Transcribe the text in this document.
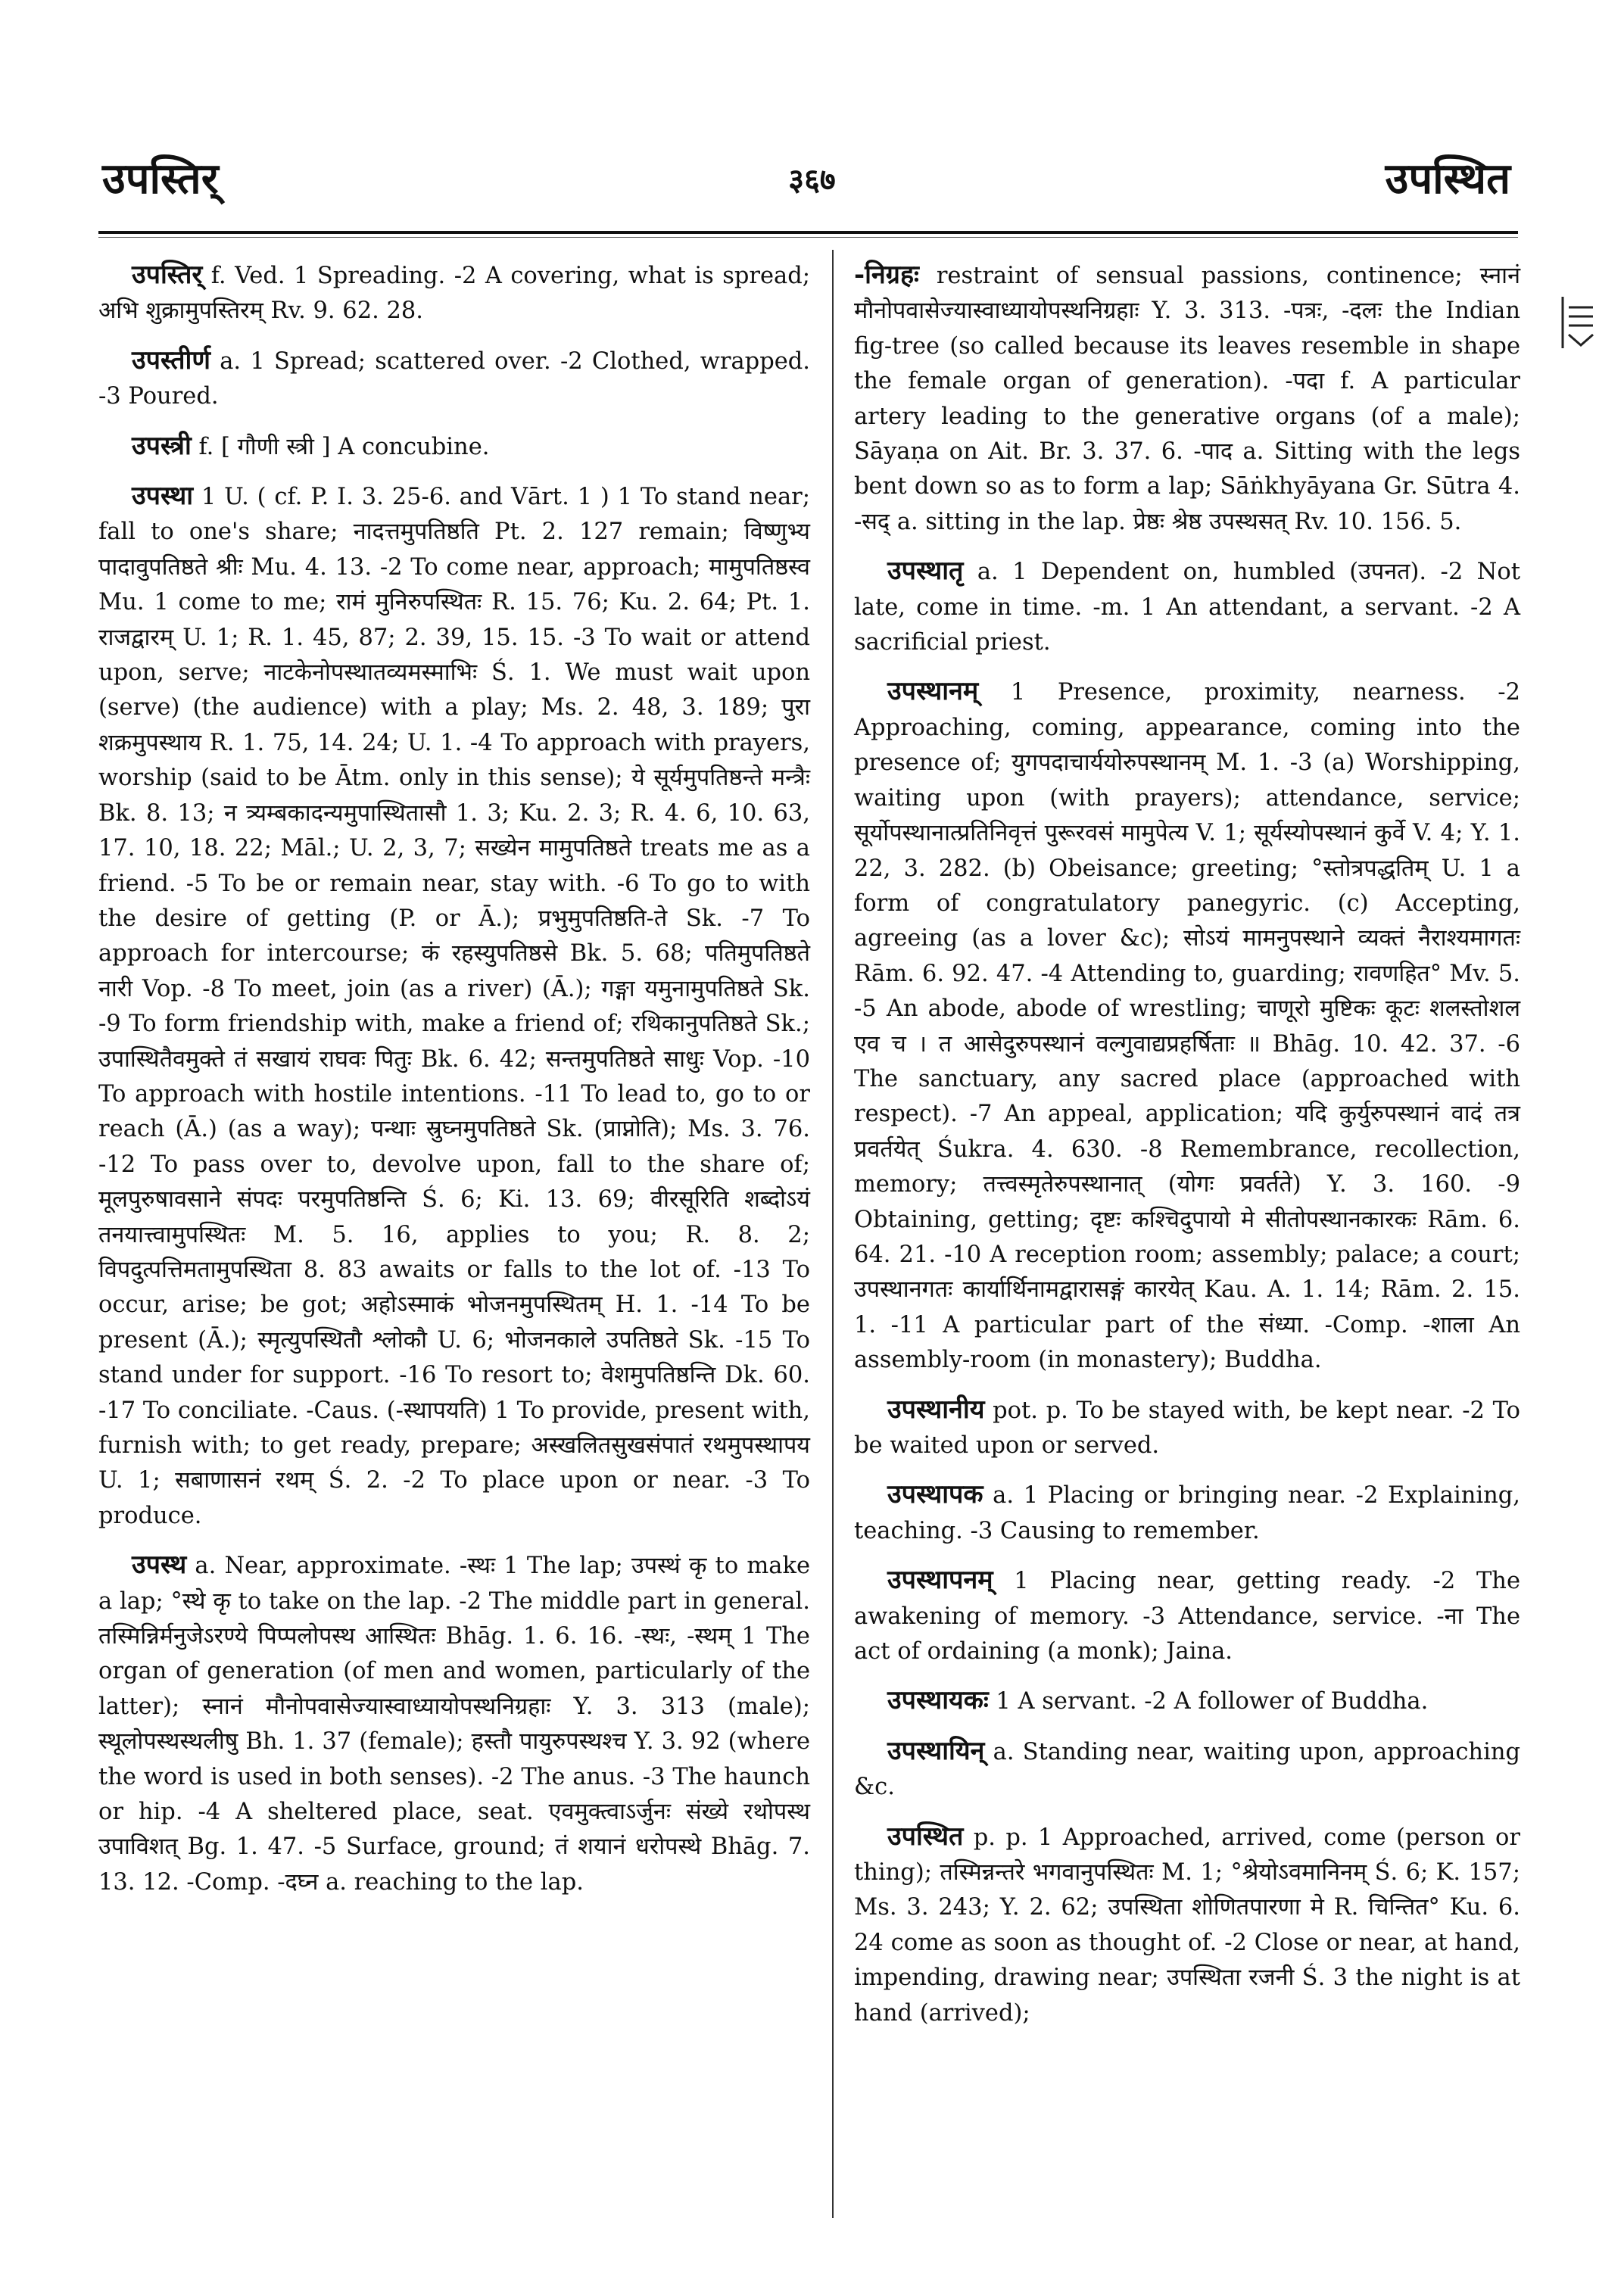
उपस्तिर्	३६७	उपस्थित

उपस्तिर् f. Ved. 1 Spreading. -2 A covering, what is spread; अभि शुक्रामुपस्तिरम् Rv. 9. 62. 28.

उपस्तीर्ण a. 1 Spread; scattered over. -2 Clothed, wrapped. -3 Poured.

उपस्त्री f. [ गौणी स्त्री ] A concubine.

उपस्था 1 U. ( cf. P. I. 3. 25-6. and Vārt. 1 ) 1 To stand near; fall to one's share; नादत्तमुपतिष्ठति Pt. 2. 127 remain; विष्णुभ्य पादावुपतिष्ठते श्रीः Mu. 4. 13. -2 To come near, approach; मामुपतिष्ठस्व Mu. 1 come to me; रामं मुनिरुपस्थितः R. 15. 76; Ku. 2. 64; Pt. 1. राजद्वारम् U. 1; R. 1. 45, 87; 2. 39, 15. 15. -3 To wait or attend upon, serve; नाटकेनोपस्थातव्यमस्माभिः Ś. 1. We must wait upon (serve) (the audience) with a play; Ms. 2. 48, 3. 189; पुरा शक्रमुपस्थाय R. 1. 75, 14. 24; U. 1. -4 To approach with prayers, worship (said to be Ātm. only in this sense); ये सूर्यमुपतिष्ठन्ते मन्त्रैः Bk. 8. 13; न त्र्यम्बकादन्यमुपास्थितासौ 1. 3; Ku. 2. 3; R. 4. 6, 10. 63, 17. 10, 18. 22; Māl.; U. 2, 3, 7; सख्येन मामुपतिष्ठते treats me as a friend. -5 To be or remain near, stay with. -6 To go to with the desire of getting (P. or Ā.); प्रभुमुपतिष्ठति-ते Sk. -7 To approach for intercourse; कं रहस्युपतिष्ठसे Bk. 5. 68; पतिमुपतिष्ठते नारी Vop. -8 To meet, join (as a river) (Ā.); गङ्गा यमुनामुपतिष्ठते Sk. -9 To form friendship with, make a friend of; रथिकानुपतिष्ठते Sk.; उपास्थितैवमुक्ते तं सखायं राघवः पितुः Bk. 6. 42; सन्तमुपतिष्ठते साधुः Vop. -10 To approach with hostile intentions. -11 To lead to, go to or reach (Ā.) (as a way); पन्थाः स्रुघ्नमुपतिष्ठते Sk. (प्राप्नोति); Ms. 3. 76. -12 To pass over to, devolve upon, fall to the share of; मूलपुरुषावसाने संपदः परमुपतिष्ठन्ति Ś. 6; Ki. 13. 69; वीरसूरिति शब्दोऽयं तनयात्त्वामुपस्थितः M. 5. 16, applies to you; R. 8. 2; विपदुत्पत्तिमतामुपस्थिता 8. 83 awaits or falls to the lot of. -13 To occur, arise; be got; अहोऽस्माकं भोजनमुपस्थितम् H. 1. -14 To be present (Ā.); स्मृत्युपस्थितौ श्लोकौ U. 6; भोजनकाले उपतिष्ठते Sk. -15 To stand under for support. -16 To resort to; वेशमुपतिष्ठन्ति Dk. 60. -17 To conciliate. -Caus. (-स्थापयति) 1 To provide, present with, furnish with; to get ready, prepare; अस्खलितसुखसंपातं रथमुपस्थापय U. 1; सबाणासनं रथम् Ś. 2. -2 To place upon or near. -3 To produce.

उपस्थ a. Near, approximate. -स्थः 1 The lap; उपस्थं कृ to make a lap; °स्थे कृ to take on the lap. -2 The middle part in general. तस्मिन्निर्मनुजेऽरण्ये पिप्पलोपस्थ आस्थितः Bhāg. 1. 6. 16. -स्थः, -स्थम् 1 The organ of generation (of men and women, particularly of the latter); स्नानं मौनोपवासेज्यास्वाध्यायोपस्थनिग्रहाः Y. 3. 313 (male); स्थूलोपस्थस्थलीषु Bh. 1. 37 (female); हस्तौ पायुरुपस्थश्च Y. 3. 92 (where the word is used in both senses). -2 The anus. -3 The haunch or hip. -4 A sheltered place, seat. एवमुक्त्वाऽर्जुनः संख्ये रथोपस्थ उपाविशत् Bg. 1. 47. -5 Surface, ground; तं शयानं धरोपस्थे Bhāg. 7. 13. 12. -Comp. -दघ्न a. reaching to the lap.

-निग्रहः restraint of sensual passions, continence; स्नानं मौनोपवासेज्यास्वाध्यायोपस्थनिग्रहाः Y. 3. 313. -पत्रः, -दलः the Indian fig-tree (so called because its leaves resemble in shape the female organ of generation). -पदा f. A particular artery leading to the generative organs (of a male); Sāyaṇa on Ait. Br. 3. 37. 6. -पाद a. Sitting with the legs bent down so as to form a lap; Sāṅkhyāyana Gr. Sūtra 4. -सद् a. sitting in the lap. प्रेष्ठः श्रेष्ठ उपस्थसत् Rv. 10. 156. 5.

उपस्थातृ a. 1 Dependent on, humbled (उपनत). -2 Not late, come in time. -m. 1 An attendant, a servant. -2 A sacrificial priest.

उपस्थानम् 1 Presence, proximity, nearness. -2 Approaching, coming, appearance, coming into the presence of; युगपदाचार्ययोरुपस्थानम् M. 1. -3 (a) Worshipping, waiting upon (with prayers); attendance, service; सूर्योपस्थानात्प्रतिनिवृत्तं पुरूरवसं मामुपेत्य V. 1; सूर्यस्योपस्थानं कुर्वे V. 4; Y. 1. 22, 3. 282. (b) Obeisance; greeting; °स्तोत्रपद्धतिम् U. 1 a form of congratulatory panegyric. (c) Accepting, agreeing (as a lover &c); सोऽयं मामनुपस्थाने व्यक्तं नैराश्यमागतः Rām. 6. 92. 47. -4 Attending to, guarding; रावणहित° Mv. 5. -5 An abode, abode of wrestling; चाणूरो मुष्टिकः कूटः शलस्तोशल एव च । त आसेदुरुपस्थानं वल्गुवाद्यप्रहर्षिताः ॥ Bhāg. 10. 42. 37. -6 The sanctuary, any sacred place (approached with respect). -7 An appeal, application; यदि कुर्युरुपस्थानं वादं तत्र प्रवर्तयेत् Śukra. 4. 630. -8 Remembrance, recollection, memory; तत्त्वस्मृतेरुपस्थानात् (योगः प्रवर्तते) Y. 3. 160. -9 Obtaining, getting; दृष्टः कश्चिदुपायो मे सीतोपस्थानकारकः Rām. 6. 64. 21. -10 A reception room; assembly; palace; a court; उपस्थानगतः कार्यार्थिनामद्वारासङ्गं कारयेत् Kau. A. 1. 14; Rām. 2. 15. 1. -11 A particular part of the संध्या. -Comp. -शाला An assembly-room (in monastery); Buddha.

उपस्थानीय pot. p. To be stayed with, be kept near. -2 To be waited upon or served.

उपस्थापक a. 1 Placing or bringing near. -2 Explaining, teaching. -3 Causing to remember.

उपस्थापनम् 1 Placing near, getting ready. -2 The awakening of memory. -3 Attendance, service. -ना The act of ordaining (a monk); Jaina.

उपस्थायकः 1 A servant. -2 A follower of Buddha.

उपस्थायिन् a. Standing near, waiting upon, approaching &c.

उपस्थित p. p. 1 Approached, arrived, come (person or thing); तस्मिन्नन्तरे भगवानुपस्थितः M. 1; °श्रेयोऽवमानिनम् Ś. 6; K. 157; Ms. 3. 243; Y. 2. 62; उपस्थिता शोणितपारणा मे R. चिन्तित° Ku. 6. 24 come as soon as thought of. -2 Close or near, at hand, impending, drawing near; उपस्थिता रजनी Ś. 3 the night is at hand (arrived);
